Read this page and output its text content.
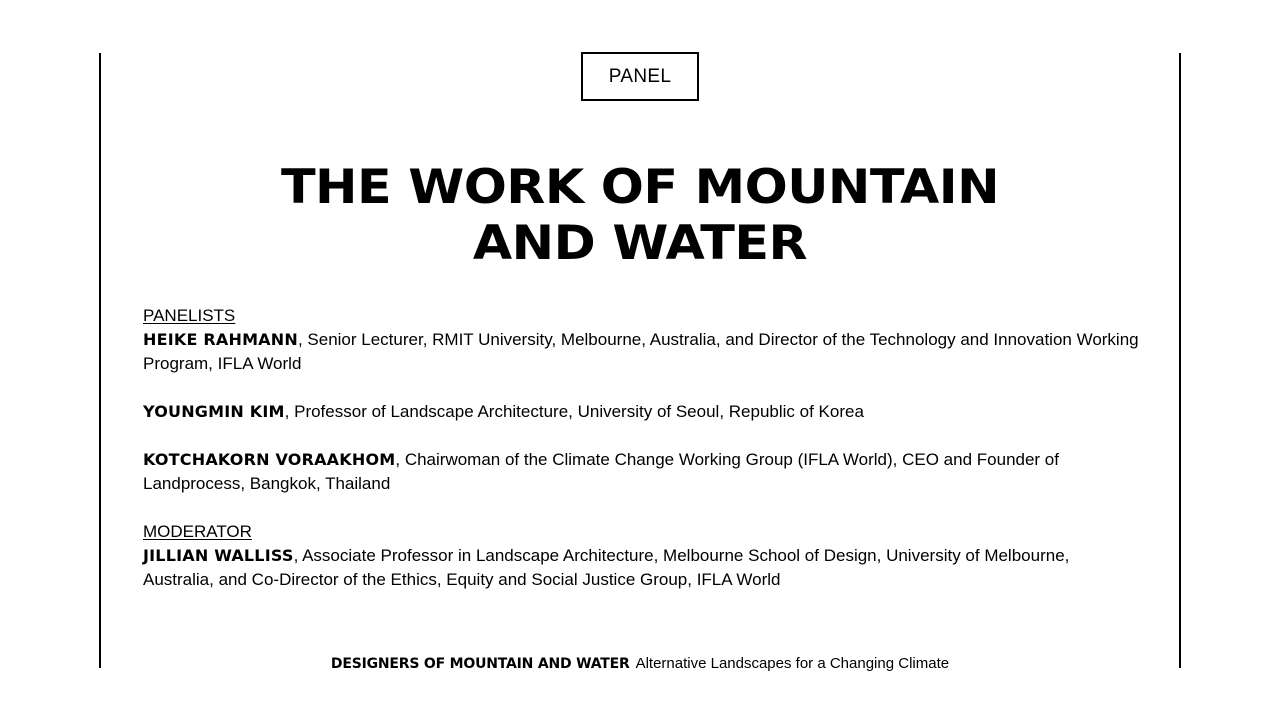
PANEL
THE WORK OF MOUNTAIN
AND WATER
PANELISTS
HEIKE RAHMANN, Senior Lecturer, RMIT University, Melbourne, Australia, and Director of the Technology and Innovation Working Program, IFLA World
YOUNGMIN KIM, Professor of Landscape Architecture, University of Seoul, Republic of Korea
KOTCHAKORN VORAAKHOM, Chairwoman of the Climate Change Working Group (IFLA World), CEO and Founder of Landprocess, Bangkok, Thailand
MODERATOR
JILLIAN WALLISS, Associate Professor in Landscape Architecture, Melbourne School of Design, University of Melbourne, Australia, and Co-Director of the Ethics, Equity and Social Justice Group, IFLA World
DESIGNERS OF MOUNTAIN AND WATER Alternative Landscapes for a Changing Climate
